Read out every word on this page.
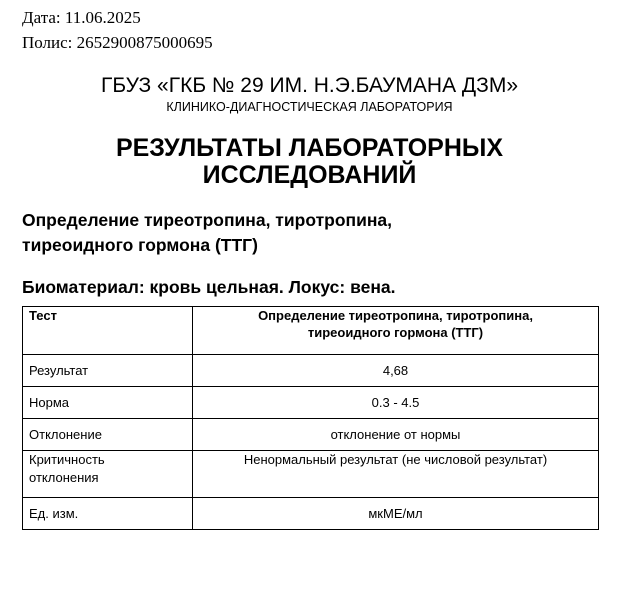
Дата: 11.06.2025
Полис: 2652900875000695
ГБУЗ «ГКБ № 29 ИМ. Н.Э.БАУМАНА ДЗМ»
КЛИНИКО-ДИАГНОСТИЧЕСКАЯ ЛАБОРАТОРИЯ
РЕЗУЛЬТАТЫ ЛАБОРАТОРНЫХ
ИССЛЕДОВАНИЙ
Определение тиреотропина, тиротропина,
тиреоидного гормона (ТТГ)
Биоматериал: кровь цельная. Локус: вена.
Тест	Определение тиреотропина, тиротропина,
тиреоидного гормона (ТТГ)

Результат	4,68
Норма	0.3 - 4.5
Отклонение	отклонение от нормы

Критичность
отклонения	Ненормальный результат (не числовой результат)
Ед. изм.	мкМЕ/мл
